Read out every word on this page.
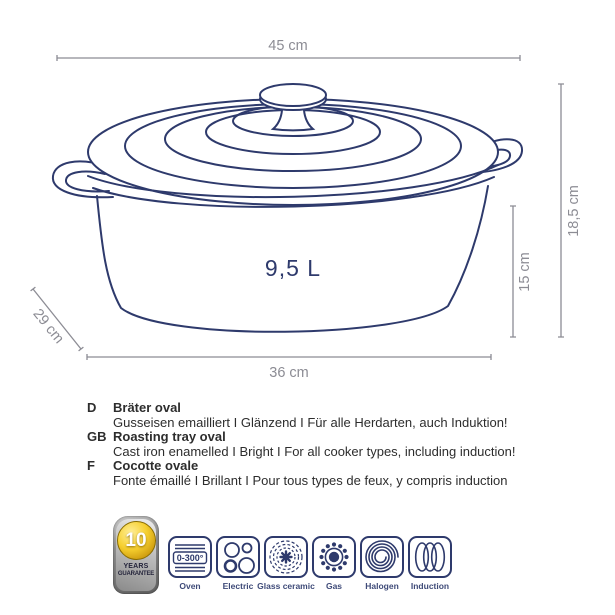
9,5 L
45 cm
18,5 cm
15 cm
29 cm
36 cm
D	Bräter oval
Gusseisen emailliert I Glänzend I Für alle Herdarten, auch Induktion!
GB Roasting tray oval
Cast iron enamelled I Bright I For all cooker types, including induction!
F	Cocotte ovale
Fonte émaillé I Brillant I Pour tous types de feux, y compris induction
10
YEARS
GUARANTEE
0-300°
Oven	Electric Glass ceramic Gas	Halogen Induction
